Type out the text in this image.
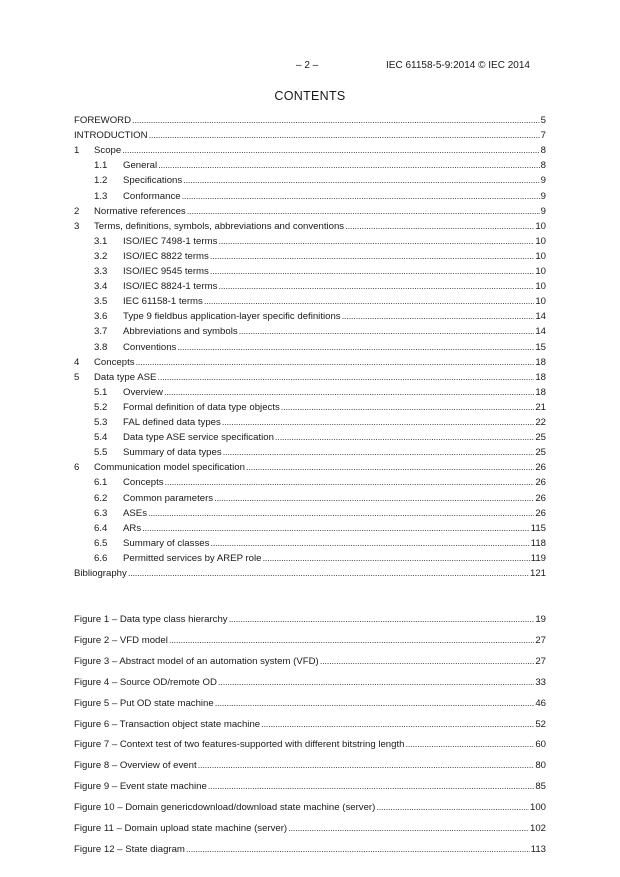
– 2 –	IEC 61158-5-9:2014 © IEC 2014
CONTENTS
FOREWORD . . .	5
INTRODUCTION . . .	7
1	Scope . . .	8
1.1	General . . .	8
1.2	Specifications . . .	9
1.3	Conformance . . .	9
2	Normative references . . .	9
3	Terms, definitions, symbols, abbreviations and conventions . . .	10
3.1	ISO/IEC 7498-1 terms . . .	10
3.2	ISO/IEC 8822 terms . . .	10
3.3	ISO/IEC 9545 terms . . .	10
3.4	ISO/IEC 8824-1 terms . . .	10
3.5	IEC 61158-1 terms . . .	10
3.6	Type 9 fieldbus application-layer specific definitions . . .	14
3.7	Abbreviations and symbols . . .	14
3.8	Conventions . . .	15
4	Concepts . . .	18
5	Data type ASE . . .	18
5.1	Overview . . .	18
5.2	Formal definition of data type objects . . .	21
5.3	FAL defined data types . . .	22
5.4	Data type ASE service specification . . .	25
5.5	Summary of data types . . .	25
6	Communication model specification . . .	26
6.1	Concepts . . .	26
6.2	Common parameters . . .	26
6.3	ASEs . . .	26
6.4	ARs . . .	115
6.5	Summary of classes . . .	118
6.6	Permitted services by AREP role . . .	119
Bibliography . . .	121
Figure 1 – Data type class hierarchy . . .	19
Figure 2 – VFD model . . .	27
Figure 3 – Abstract model of an automation system (VFD) . . .	27
Figure 4 – Source OD/remote OD . . .	33
Figure 5 – Put OD state machine . . .	46
Figure 6 – Transaction object state machine . . .	52
Figure 7 – Context test of two features-supported with different bitstring length . . .	60
Figure 8 – Overview of event . . .	80
Figure 9 – Event state machine . . .	85
Figure 10 – Domain genericdownload/download state machine (server) . . .	100
Figure 11 – Domain upload state machine (server) . . .	102
Figure 12 – State diagram . . .	113
